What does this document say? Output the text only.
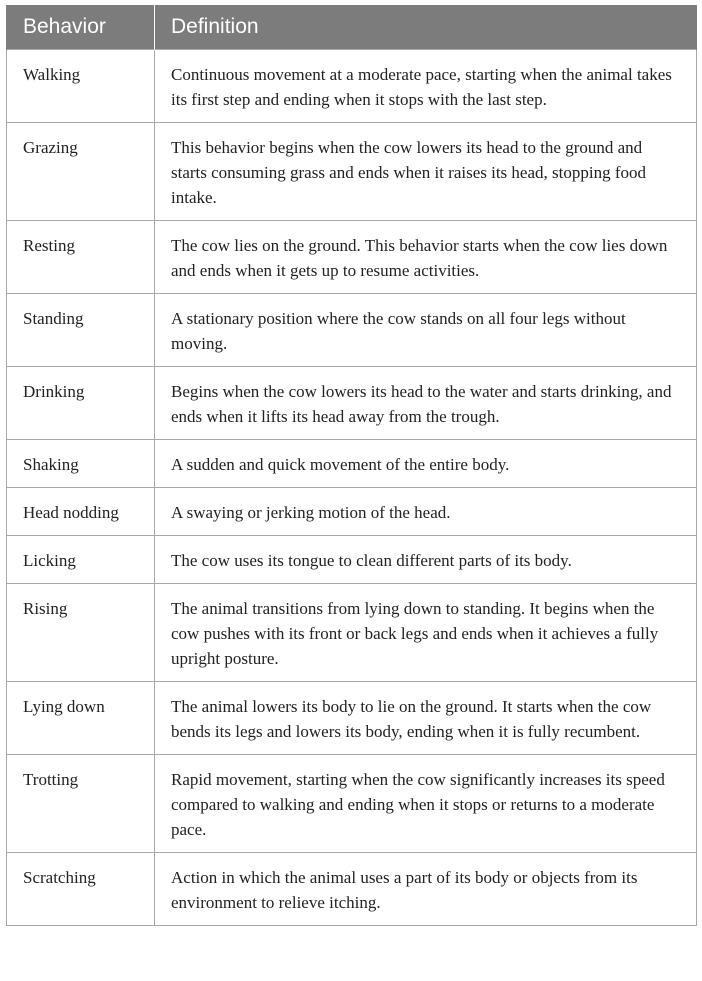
Behavior	Definition
Walking	Continuous movement at a moderate pace, starting when the animal takes its first step and ending when it stops with the last step.
Grazing	This behavior begins when the cow lowers its head to the ground and starts consuming grass and ends when it raises its head, stopping food intake.
Resting	The cow lies on the ground. This behavior starts when the cow lies down and ends when it gets up to resume activities.
Standing	A stationary position where the cow stands on all four legs without moving.
Drinking	Begins when the cow lowers its head to the water and starts drinking, and ends when it lifts its head away from the trough.
Shaking	A sudden and quick movement of the entire body.
Head nodding	A swaying or jerking motion of the head.
Licking	The cow uses its tongue to clean different parts of its body.
Rising	The animal transitions from lying down to standing. It begins when the cow pushes with its front or back legs and ends when it achieves a fully upright posture.
Lying down	The animal lowers its body to lie on the ground. It starts when the cow bends its legs and lowers its body, ending when it is fully recumbent.
Trotting	Rapid movement, starting when the cow significantly increases its speed compared to walking and ending when it stops or returns to a moderate pace.
Scratching	Action in which the animal uses a part of its body or objects from its environment to relieve itching.
